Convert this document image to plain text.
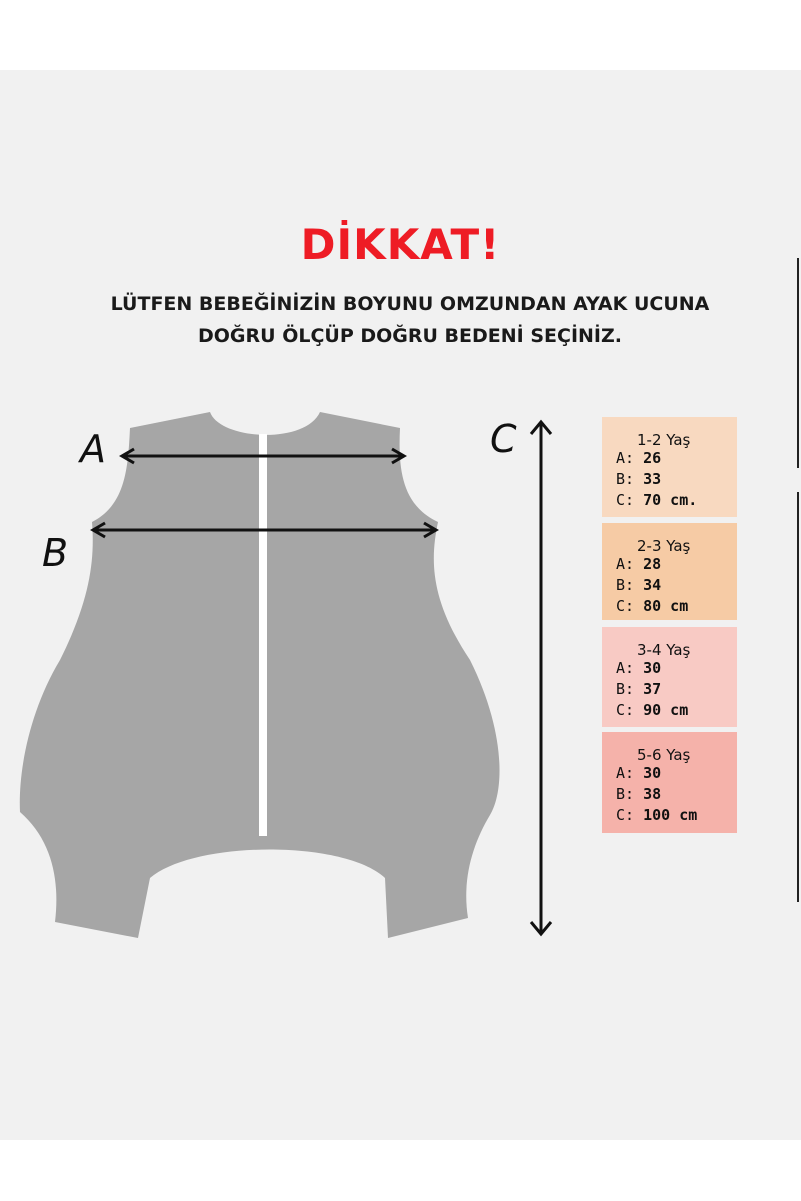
DİKKAT!
LÜTFEN BEBEĞİNİZİN BOYUNU OMZUNDAN AYAK UCUNA
DOĞRU ÖLÇÜP DOĞRU BEDENİ SEÇİNİZ.
A
B
C	1-2 Yaş
A: 26
B: 33
C: 70 cm.
2-3 Yaş
A: 28
B: 34
C: 80 cm
3-4 Yaş
A: 30
B: 37
C: 90 cm
5-6 Yaş
A: 30
B: 38
C: 100 cm
